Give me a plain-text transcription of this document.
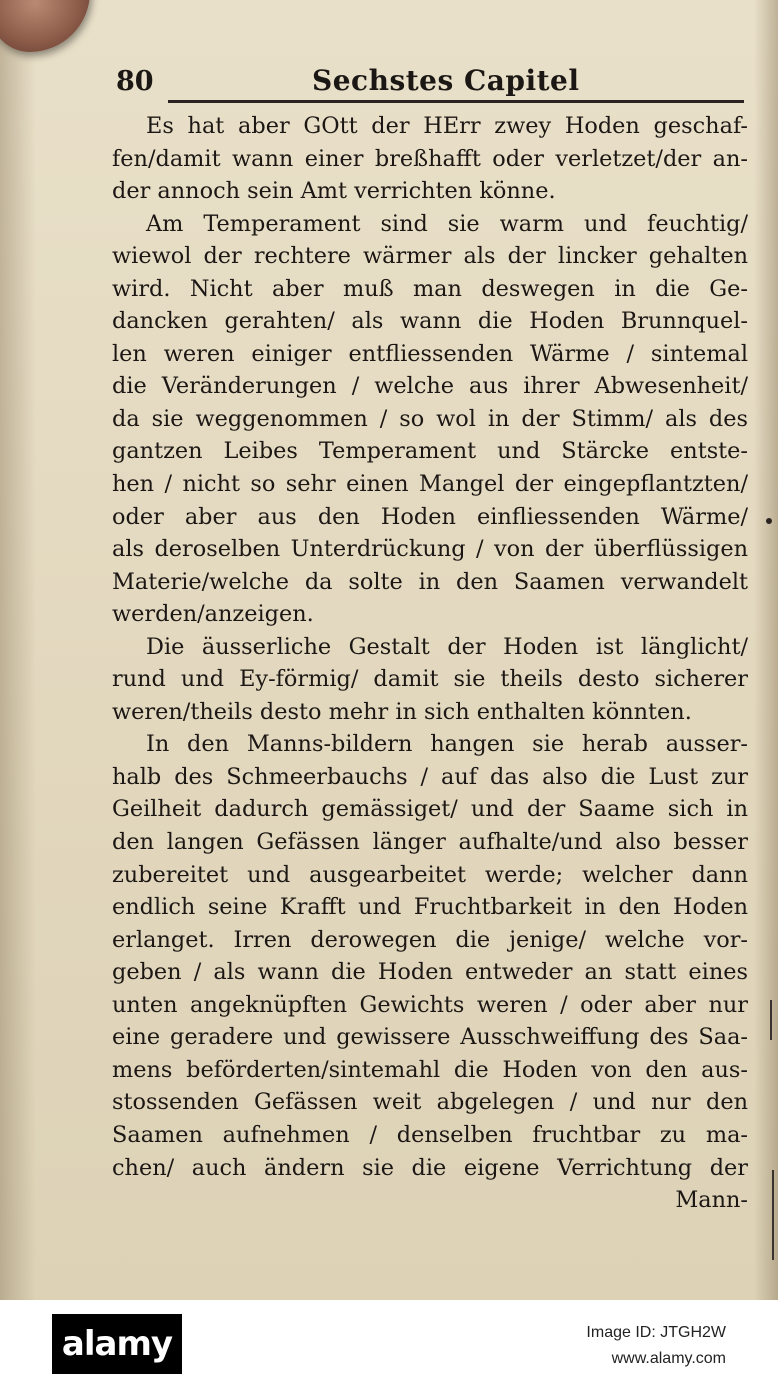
80	Sechstes Capitel
Es hat aber GOtt der HErr zwey Hoden geschaf-
fen/damit wann einer breßhafft oder verletzet/der an-
der annoch sein Amt verrichten könne.
Am Temperament sind sie warm und feuchtig/
wiewol der rechtere wärmer als der lincker gehalten
wird. Nicht aber muß man deswegen in die Ge-
dancken gerahten/ als wann die Hoden Brunnquel-
len weren einiger entfliessenden Wärme / sintemal
die Veränderungen / welche aus ihrer Abwesenheit/
da sie weggenommen / so wol in der Stimm/ als des
gantzen Leibes Temperament und Stärcke entste-
hen / nicht so sehr einen Mangel der eingepflantzten/
oder aber aus den Hoden einfliessenden Wärme/
als deroselben Unterdrückung / von der überflüssigen
Materie/welche da solte in den Saamen verwandelt
werden/anzeigen.
Die äusserliche Gestalt der Hoden ist länglicht/
rund und Ey-förmig/ damit sie theils desto sicherer
weren/theils desto mehr in sich enthalten könnten.
In den Manns-bildern hangen sie herab ausser-
halb des Schmeerbauchs / auf das also die Lust zur
Geilheit dadurch gemässiget/ und der Saame sich in
den langen Gefässen länger aufhalte/und also besser
zubereitet und ausgearbeitet werde; welcher dann
endlich seine Krafft und Fruchtbarkeit in den Hoden
erlanget. Irren derowegen die jenige/ welche vor-
geben / als wann die Hoden entweder an statt eines
unten angeknüpften Gewichts weren / oder aber nur
eine geradere und gewissere Ausschweiffung des Saa-
mens beförderten/sintemahl die Hoden von den aus-
stossenden Gefässen weit abgelegen / und nur den
Saamen aufnehmen / denselben fruchtbar zu ma-
chen/ auch ändern sie die eigene Verrichtung der
Mann-
alamy	Image ID: JTGH2W
www.alamy.com
